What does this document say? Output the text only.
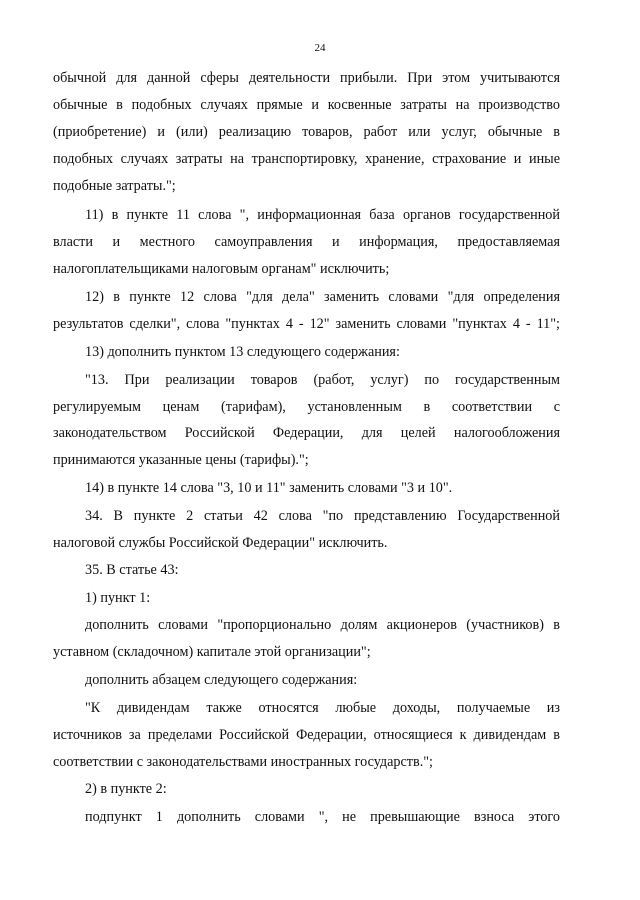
24
обычной для данной сферы деятельности прибыли. При этом учитываются
обычные в подобных случаях прямые и косвенные затраты на производство
(приобретение) и (или) реализацию товаров, работ или услуг, обычные в
подобных случаях затраты на транспортировку, хранение, страхование и иные
подобные затраты.";
11) в пункте 11 слова ", информационная база органов государственной
власти и местного самоуправления и информация, предоставляемая
налогоплательщиками налоговым органам" исключить;
12) в пункте 12 слова "для дела" заменить словами "для определения
результатов сделки", слова "пунктах 4 - 12" заменить словами "пунктах 4 - 11";
13) дополнить пунктом 13 следующего содержания:
"13. При реализации товаров (работ, услуг) по государственным
регулируемым ценам (тарифам), установленным в соответствии с
законодательством Российской Федерации, для целей налогообложения
принимаются указанные цены (тарифы).";
14) в пункте 14 слова "3, 10 и 11" заменить словами "3 и 10".
34. В пункте 2 статьи 42 слова "по представлению Государственной
налоговой службы Российской Федерации" исключить.
35. В статье 43:
1) пункт 1:
дополнить словами "пропорционально долям акционеров (участников) в
уставном (складочном) капитале этой организации";
дополнить абзацем следующего содержания:
"К дивидендам также относятся любые доходы, получаемые из
источников за пределами Российской Федерации, относящиеся к дивидендам в
соответствии с законодательствами иностранных государств.";
2) в пункте 2:
подпункт 1 дополнить словами ", не превышающие взноса этого
